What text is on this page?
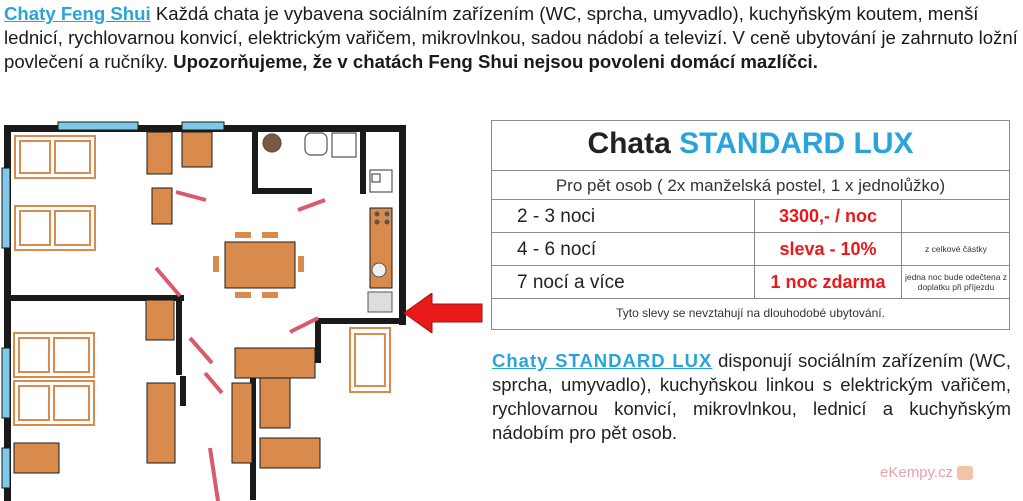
Chaty Feng Shui Každá chata je vybavena sociálním zařízením (WC, sprcha, umyvadlo), kuchyňským koutem, menší lednicí, rychlovarnou konvicí, elektrickým vařičem, mikrovlnkou, sadou nádobí a televizí. V ceně ubytování je zahrnuto ložní povlečení a ručníky. Upozorňujeme, že v chatách Feng Shui nejsou povoleni domácí mazlíčci.
Chata STANDARD LUX
Pro pět osob ( 2x manželská postel, 1 x jednolůžko)
2 - 3 noci	3300,- / noc
4 - 6 nocí	sleva - 10%	z celkové částky
7 nocí a více	1 noc zdarma	jedna noc bude odečtena z doplatku při příjezdu
Tyto slevy se nevztahují na dlouhodobé ubytování.
Chaty STANDARD LUX disponují sociálním zařízením (WC, sprcha, umyvadlo), kuchyňskou linkou s elektrickým vařičem, rychlovarnou konvicí, mikrovlnkou, lednicí a kuchyňským nádobím pro pět osob.
eKempy.cz
